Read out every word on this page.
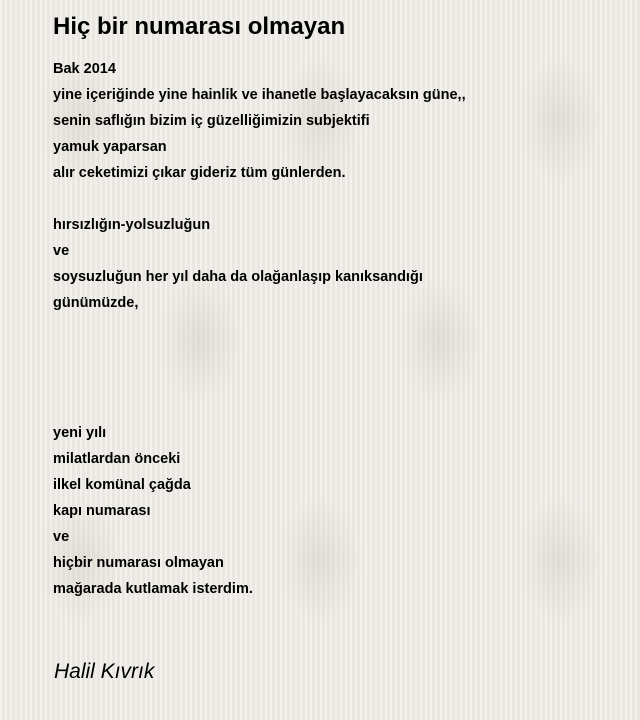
Hiç bir numarası olmayan
Bak 2014
yine içeriğinde yine hainlik ve ihanetle başlayacaksın güne,,
senin saflığın bizim iç güzelliğimizin subjektifi
yamuk yaparsan
alır ceketimizi çıkar gideriz tüm günlerden.
hırsızlığın-yolsuzluğun
ve
soysuzluğun her yıl daha da olağanlaşıp kanıksandığı
günümüzde,
yeni yılı
milatlardan önceki
ilkel komünal çağda
kapı numarası
ve
hiçbir numarası olmayan
mağarada kutlamak isterdim.
Halil Kıvrık
